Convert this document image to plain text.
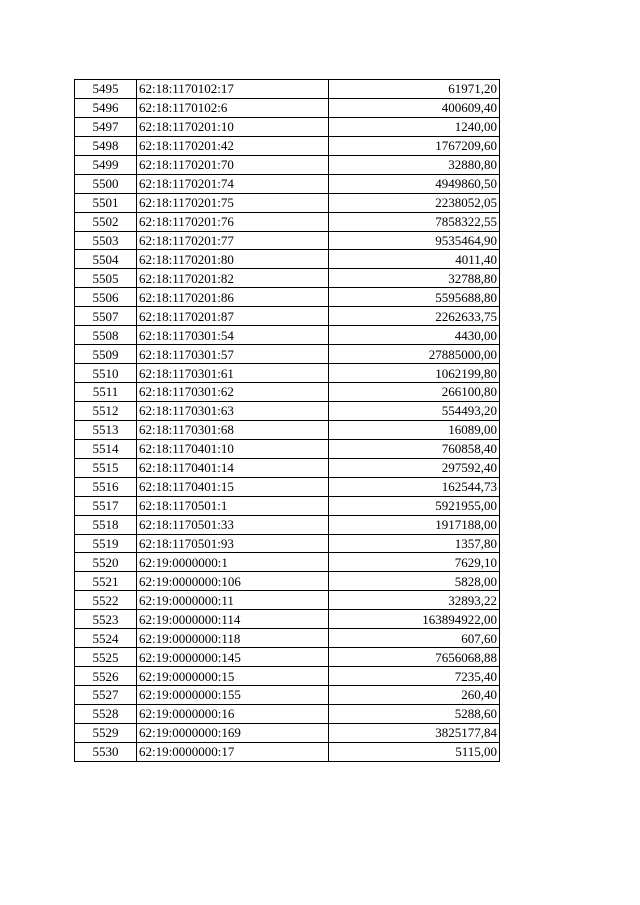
5495	62:18:1170102:17	61971,20
5496	62:18:1170102:6	400609,40
5497	62:18:1170201:10	1240,00
5498	62:18:1170201:42	1767209,60
5499	62:18:1170201:70	32880,80
5500	62:18:1170201:74	4949860,50
5501	62:18:1170201:75	2238052,05
5502	62:18:1170201:76	7858322,55
5503	62:18:1170201:77	9535464,90
5504	62:18:1170201:80	4011,40
5505	62:18:1170201:82	32788,80
5506	62:18:1170201:86	5595688,80
5507	62:18:1170201:87	2262633,75
5508	62:18:1170301:54	4430,00
5509	62:18:1170301:57	27885000,00
5510	62:18:1170301:61	1062199,80
5511	62:18:1170301:62	266100,80
5512	62:18:1170301:63	554493,20
5513	62:18:1170301:68	16089,00
5514	62:18:1170401:10	760858,40
5515	62:18:1170401:14	297592,40
5516	62:18:1170401:15	162544,73
5517	62:18:1170501:1	5921955,00
5518	62:18:1170501:33	1917188,00
5519	62:18:1170501:93	1357,80
5520	62:19:0000000:1	7629,10
5521	62:19:0000000:106	5828,00
5522	62:19:0000000:11	32893,22
5523	62:19:0000000:114	163894922,00
5524	62:19:0000000:118	607,60
5525	62:19:0000000:145	7656068,88
5526	62:19:0000000:15	7235,40
5527	62:19:0000000:155	260,40
5528	62:19:0000000:16	5288,60
5529	62:19:0000000:169	3825177,84
5530	62:19:0000000:17	5115,00
